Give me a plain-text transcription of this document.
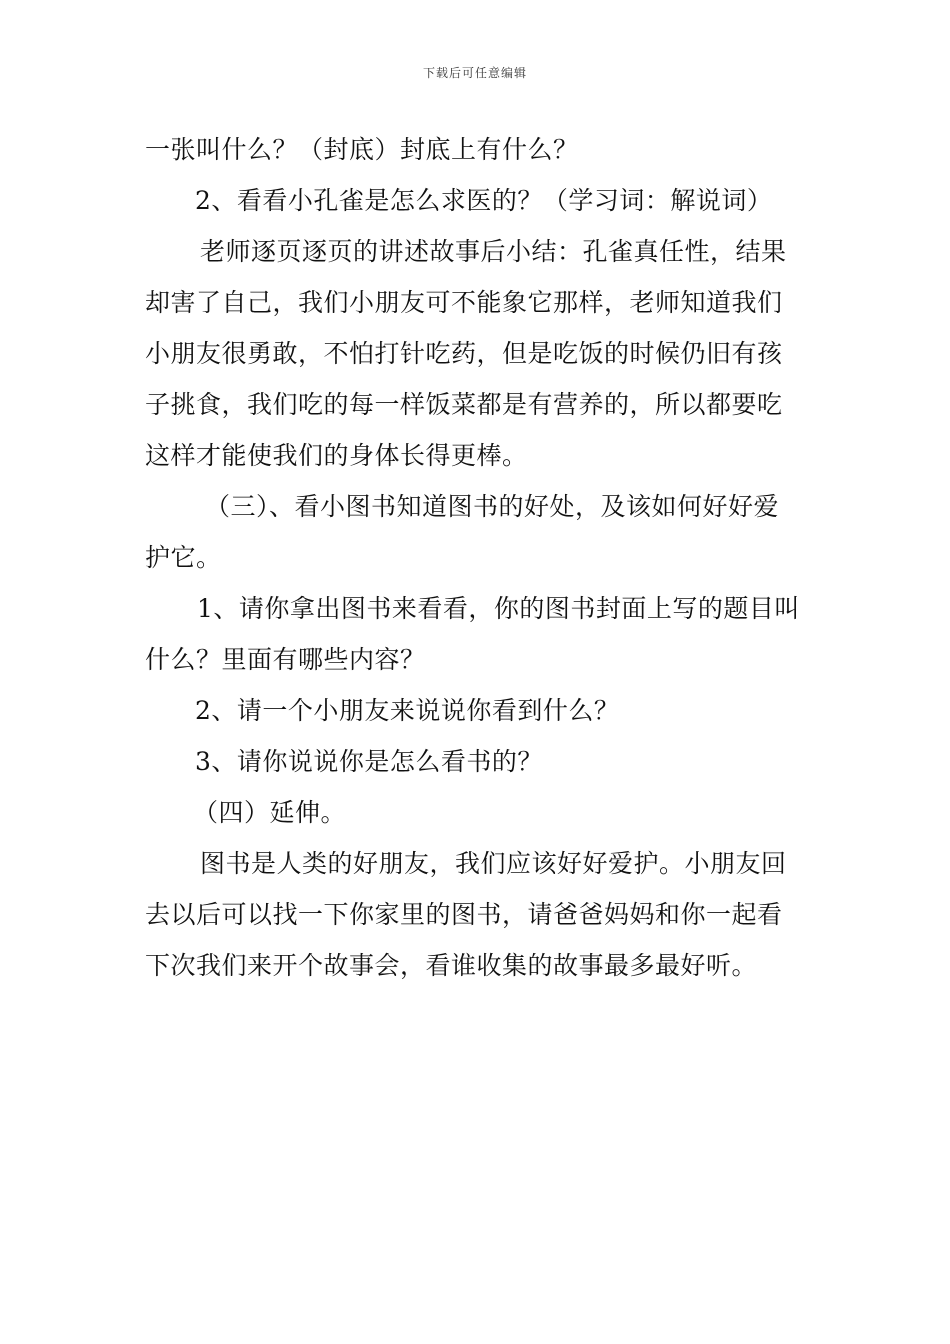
下载后可任意编辑
一张叫什么？（封底）封底上有什么？
2、看看小孔雀是怎么求医的？（学习词：解说词）
老师逐页逐页的讲述故事后小结：孔雀真任性，结果
却害了自己，我们小朋友可不能象它那样，老师知道我们
小朋友很勇敢，不怕打针吃药，但是吃饭的时候仍旧有孩
子挑食，我们吃的每一样饭菜都是有营养的，所以都要吃
这样才能使我们的身体长得更棒。
（三）、看小图书知道图书的好处，及该如何好好爱
护它。
1、请你拿出图书来看看，你的图书封面上写的题目叫
什么？里面有哪些内容？
2、请一个小朋友来说说你看到什么？
3、请你说说你是怎么看书的？
（四）延伸。
图书是人类的好朋友，我们应该好好爱护。小朋友回
去以后可以找一下你家里的图书，请爸爸妈妈和你一起看
下次我们来开个故事会，看谁收集的故事最多最好听。
